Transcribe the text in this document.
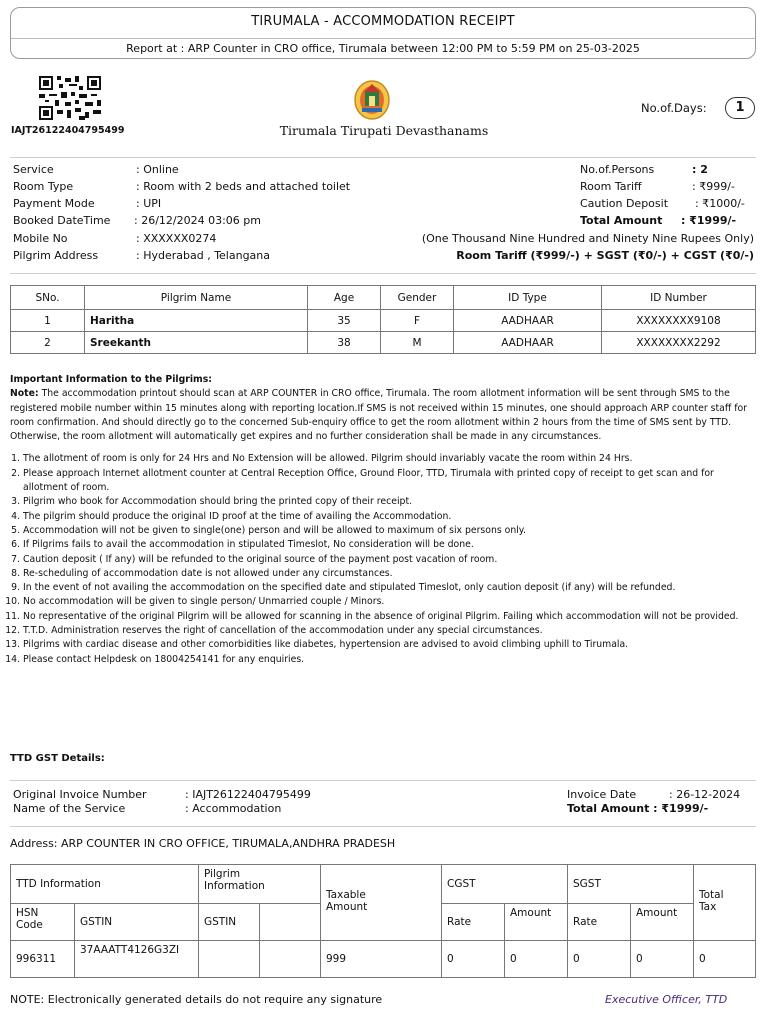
TIRUMALA - ACCOMMODATION RECEIPT
Report at : ARP Counter in CRO office, Tirumala between 12:00 PM to 5:59 PM on 25-03-2025
IAJT26122404795499	Tirumala Tirupati Devasthanams
No.of.Days:	1
Service	: Online	No.of.Persons	: 2
Room Type	: Room with 2 beds and attached toilet	Room Tariff	: ₹999/-
Payment Mode	: UPI	Caution Deposit : ₹1000/-
Booked DateTime : 26/12/2024 03:06 pm	Total Amount : ₹1999/-
Mobile No	: XXXXXX0274	(One Thousand Nine Hundred and Ninety Nine Rupees Only)
Pilgrim Address	: Hyderabad , Telangana	Room Tariff (₹999/-) + SGST (₹0/-) + CGST (₹0/-)
SNo.	Pilgrim Name	Age	Gender	ID Type	ID Number
1	Haritha	35	F	AADHAAR	XXXXXXXX9108
2	Sreekanth	38	M	AADHAAR	XXXXXXXX2292

Important Information to the Pilgrims:

Note: The accommodation printout should scan at ARP COUNTER in CRO office, Tirumala. The room allotment information will be sent through SMS to the registered mobile number within 15 minutes along with reporting location.If SMS is not received within 15 minutes, one should approach ARP counter staff for room confirmation. And should directly go to the concerned Sub-enquiry office to get the room allotment within 2 hours from the time of SMS sent by TTD. Otherwise, the room allotment will automatically get expires and no further consideration shall be made in any circumstances.

1. The allotment of room is only for 24 Hrs and No Extension will be allowed. Pilgrim should invariably vacate the room within 24 Hrs.
2. Please approach Internet allotment counter at Central Reception Office, Ground Floor, TTD, Tirumala with printed copy of receipt to get scan and for allotment of room.
3. Pilgrim who book for Accommodation should bring the printed copy of their receipt.
4. The pilgrim should produce the original ID proof at the time of availing the Accommodation.
5. Accommodation will not be given to single(one) person and will be allowed to maximum of six persons only.
6. If Pilgrims fails to avail the accommodation in stipulated Timeslot, No consideration will be done.
7. Caution deposit ( If any) will be refunded to the original source of the payment post vacation of room.
8. Re-scheduling of accommodation date is not allowed under any circumstances.
9. In the event of not availing the accommodation on the specified date and stipulated Timeslot, only caution deposit (if any) will be refunded.
10. No accommodation will be given to single person/ Unmarried couple / Minors.
11. No representative of the original Pilgrim will be allowed for scanning in the absence of original Pilgrim. Failing which accommodation will not be provided.
12. T.T.D. Administration reserves the right of cancellation of the accommodation under any special circumstances.
13. Pilgrims with cardiac disease and other comorbidities like diabetes, hypertension are advised to avoid climbing uphill to Tirumala.
14. Please contact Helpdesk on 18004254141 for any enquiries.
TTD GST Details:
Original Invoice Number	: IAJT26122404795499	Invoice Date	: 26-12-2024
Name of the Service	: Accommodation	Total Amount : ₹1999/-
Address: ARP COUNTER IN CRO OFFICE, TIRUMALA,ANDHRA PRADESH
TTD Information		Pilgrim Information		Taxable Amount	CGST		SGST		Total Tax

HSN Code	GSTIN	GSTIN			Rate	Amount	Rate	Amount	

996311	37AAATT4126G3ZI			999	0	0	0	0	0
NOTE: Electronically generated details do not require any signature	Executive Officer, TTD
